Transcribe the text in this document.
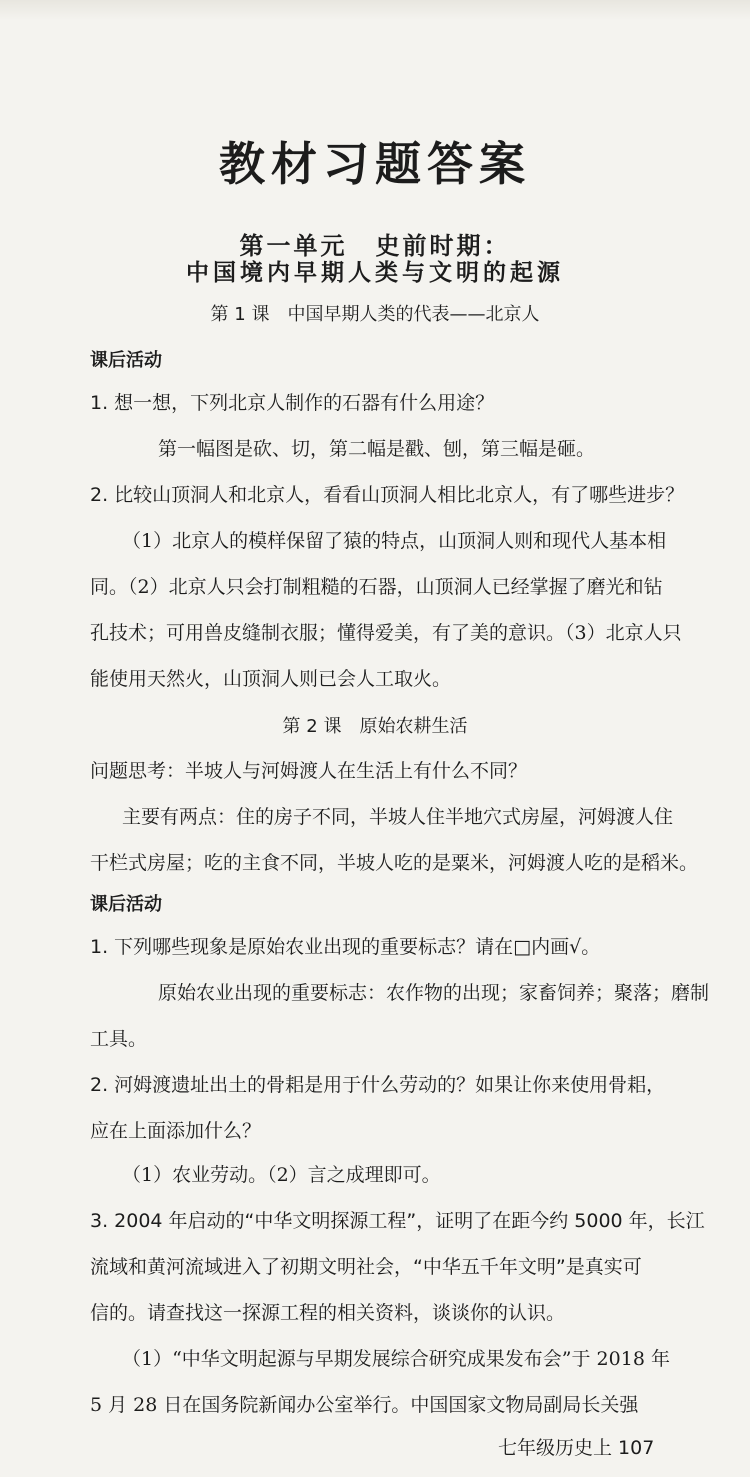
教材习题答案
第一单元 史前时期：
中国境内早期人类与文明的起源
第 1 课 中国早期人类的代表——北京人
课后活动
1. 想一想，下列北京人制作的石器有什么用途？
第一幅图是砍、切，第二幅是戳、刨，第三幅是砸。
2. 比较山顶洞人和北京人，看看山顶洞人相比北京人，有了哪些进步？
（1）北京人的模样保留了猿的特点，山顶洞人则和现代人基本相
同。（2）北京人只会打制粗糙的石器，山顶洞人已经掌握了磨光和钻
孔技术；可用兽皮缝制衣服；懂得爱美，有了美的意识。（3）北京人只
能使用天然火，山顶洞人则已会人工取火。
第 2 课 原始农耕生活
问题思考：半坡人与河姆渡人在生活上有什么不同？
主要有两点：住的房子不同，半坡人住半地穴式房屋，河姆渡人住
干栏式房屋；吃的主食不同，半坡人吃的是粟米，河姆渡人吃的是稻米。
课后活动
1. 下列哪些现象是原始农业出现的重要标志？请在□内画√。
原始农业出现的重要标志：农作物的出现；家畜饲养；聚落；磨制
工具。
2. 河姆渡遗址出土的骨耜是用于什么劳动的？如果让你来使用骨耜，
应在上面添加什么？
（1）农业劳动。（2）言之成理即可。
3. 2004 年启动的“中华文明探源工程”，证明了在距今约 5000 年，长江
流域和黄河流域进入了初期文明社会，“中华五千年文明”是真实可
信的。请查找这一探源工程的相关资料，谈谈你的认识。
（1）“中华文明起源与早期发展综合研究成果发布会”于 2018 年
5 月 28 日在国务院新闻办公室举行。中国国家文物局副局长关强
七年级历史上 107
